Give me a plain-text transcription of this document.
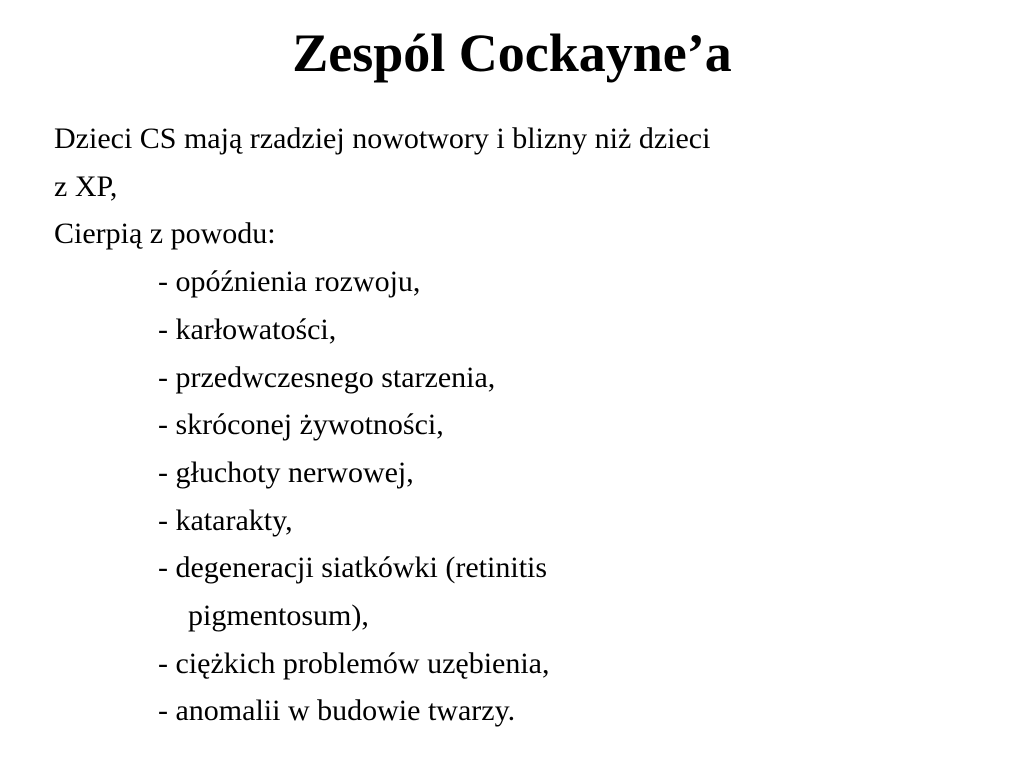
Zespól Cockayne’a
Dzieci CS mają rzadziej nowotwory i blizny niż dzieci
z XP,
Cierpią z powodu:
- opóźnienia rozwoju,
- karłowatości,
- przedwczesnego starzenia,
- skróconej żywotności,
- głuchoty nerwowej,
- katarakty,
- degeneracji siatkówki (retinitis
pigmentosum),
- ciężkich problemów uzębienia,
- anomalii w budowie twarzy.
